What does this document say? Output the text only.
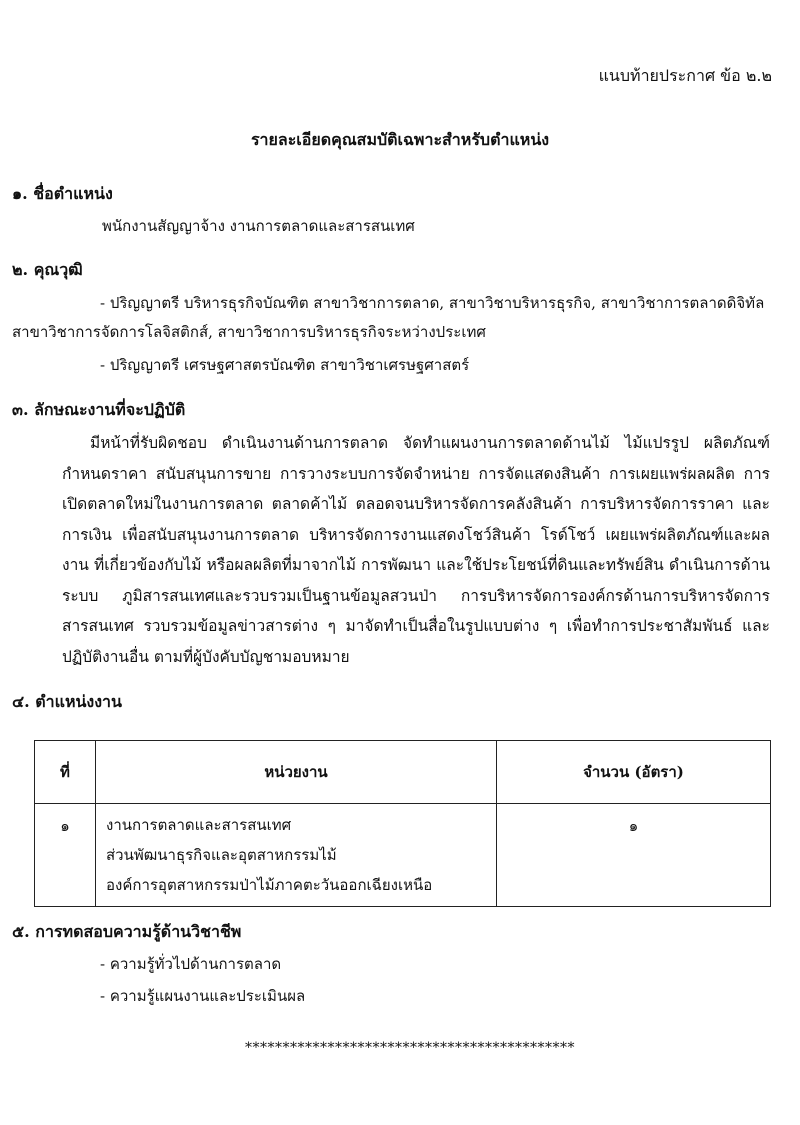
แนบท้ายประกาศ ข้อ ๒.๒
รายละเอียดคุณสมบัติเฉพาะสำหรับตำแหน่ง
๑. ชื่อตำแหน่ง
พนักงานสัญญาจ้าง งานการตลาดและสารสนเทศ
๒. คุณวุฒิ
- ปริญญาตรี บริหารธุรกิจบัณฑิต สาขาวิชาการตลาด, สาขาวิชาบริหารธุรกิจ, สาขาวิชาการตลาดดิจิทัล
สาขาวิชาการจัดการโลจิสติกส์, สาขาวิชาการบริหารธุรกิจระหว่างประเทศ
- ปริญญาตรี เศรษฐศาสตรบัณฑิต สาขาวิชาเศรษฐศาสตร์
๓. ลักษณะงานที่จะปฏิบัติ
มีหน้าที่รับผิดชอบ ดำเนินงานด้านการตลาด จัดทำแผนงานการตลาดด้านไม้ ไม้แปรรูป ผลิตภัณฑ์ กำหนดราคา สนับสนุนการขาย การวางระบบการจัดจำหน่าย การจัดแสดงสินค้า การเผยแพร่ผลผลิต การเปิดตลาดใหม่ในงานการตลาด ตลาดค้าไม้ ตลอดจนบริหารจัดการคลังสินค้า การบริหารจัดการราคา และการเงิน เพื่อสนับสนุนงานการตลาด บริหารจัดการงานแสดงโชว์สินค้า โรด์โชว์ เผยแพร่ผลิตภัณฑ์และผลงาน ที่เกี่ยวข้องกับไม้ หรือผลผลิตที่มาจากไม้ การพัฒนา และใช้ประโยชน์ที่ดินและทรัพย์สิน ดำเนินการด้านระบบ ภูมิสารสนเทศและรวบรวมเป็นฐานข้อมูลสวนป่า การบริหารจัดการองค์กรด้านการบริหารจัดการสารสนเทศ รวบรวมข้อมูลข่าวสารต่าง ๆ มาจัดทำเป็นสื่อในรูปแบบต่าง ๆ เพื่อทำการประชาสัมพันธ์ และปฏิบัติงานอื่น ตามที่ผู้บังคับบัญชามอบหมาย
๔. ตำแหน่งงาน
ที่	หน่วยงาน	จำนวน (อัตรา)
๑	งานการตลาดและสารสนเทศ
ส่วนพัฒนาธุรกิจและอุตสาหกรรมไม้
องค์การอุตสาหกรรมป่าไม้ภาคตะวันออกเฉียงเหนือ	๑
๕. การทดสอบความรู้ด้านวิชาชีพ
- ความรู้ทั่วไปด้านการตลาด
- ความรู้แผนงานและประเมินผล
********************************************
